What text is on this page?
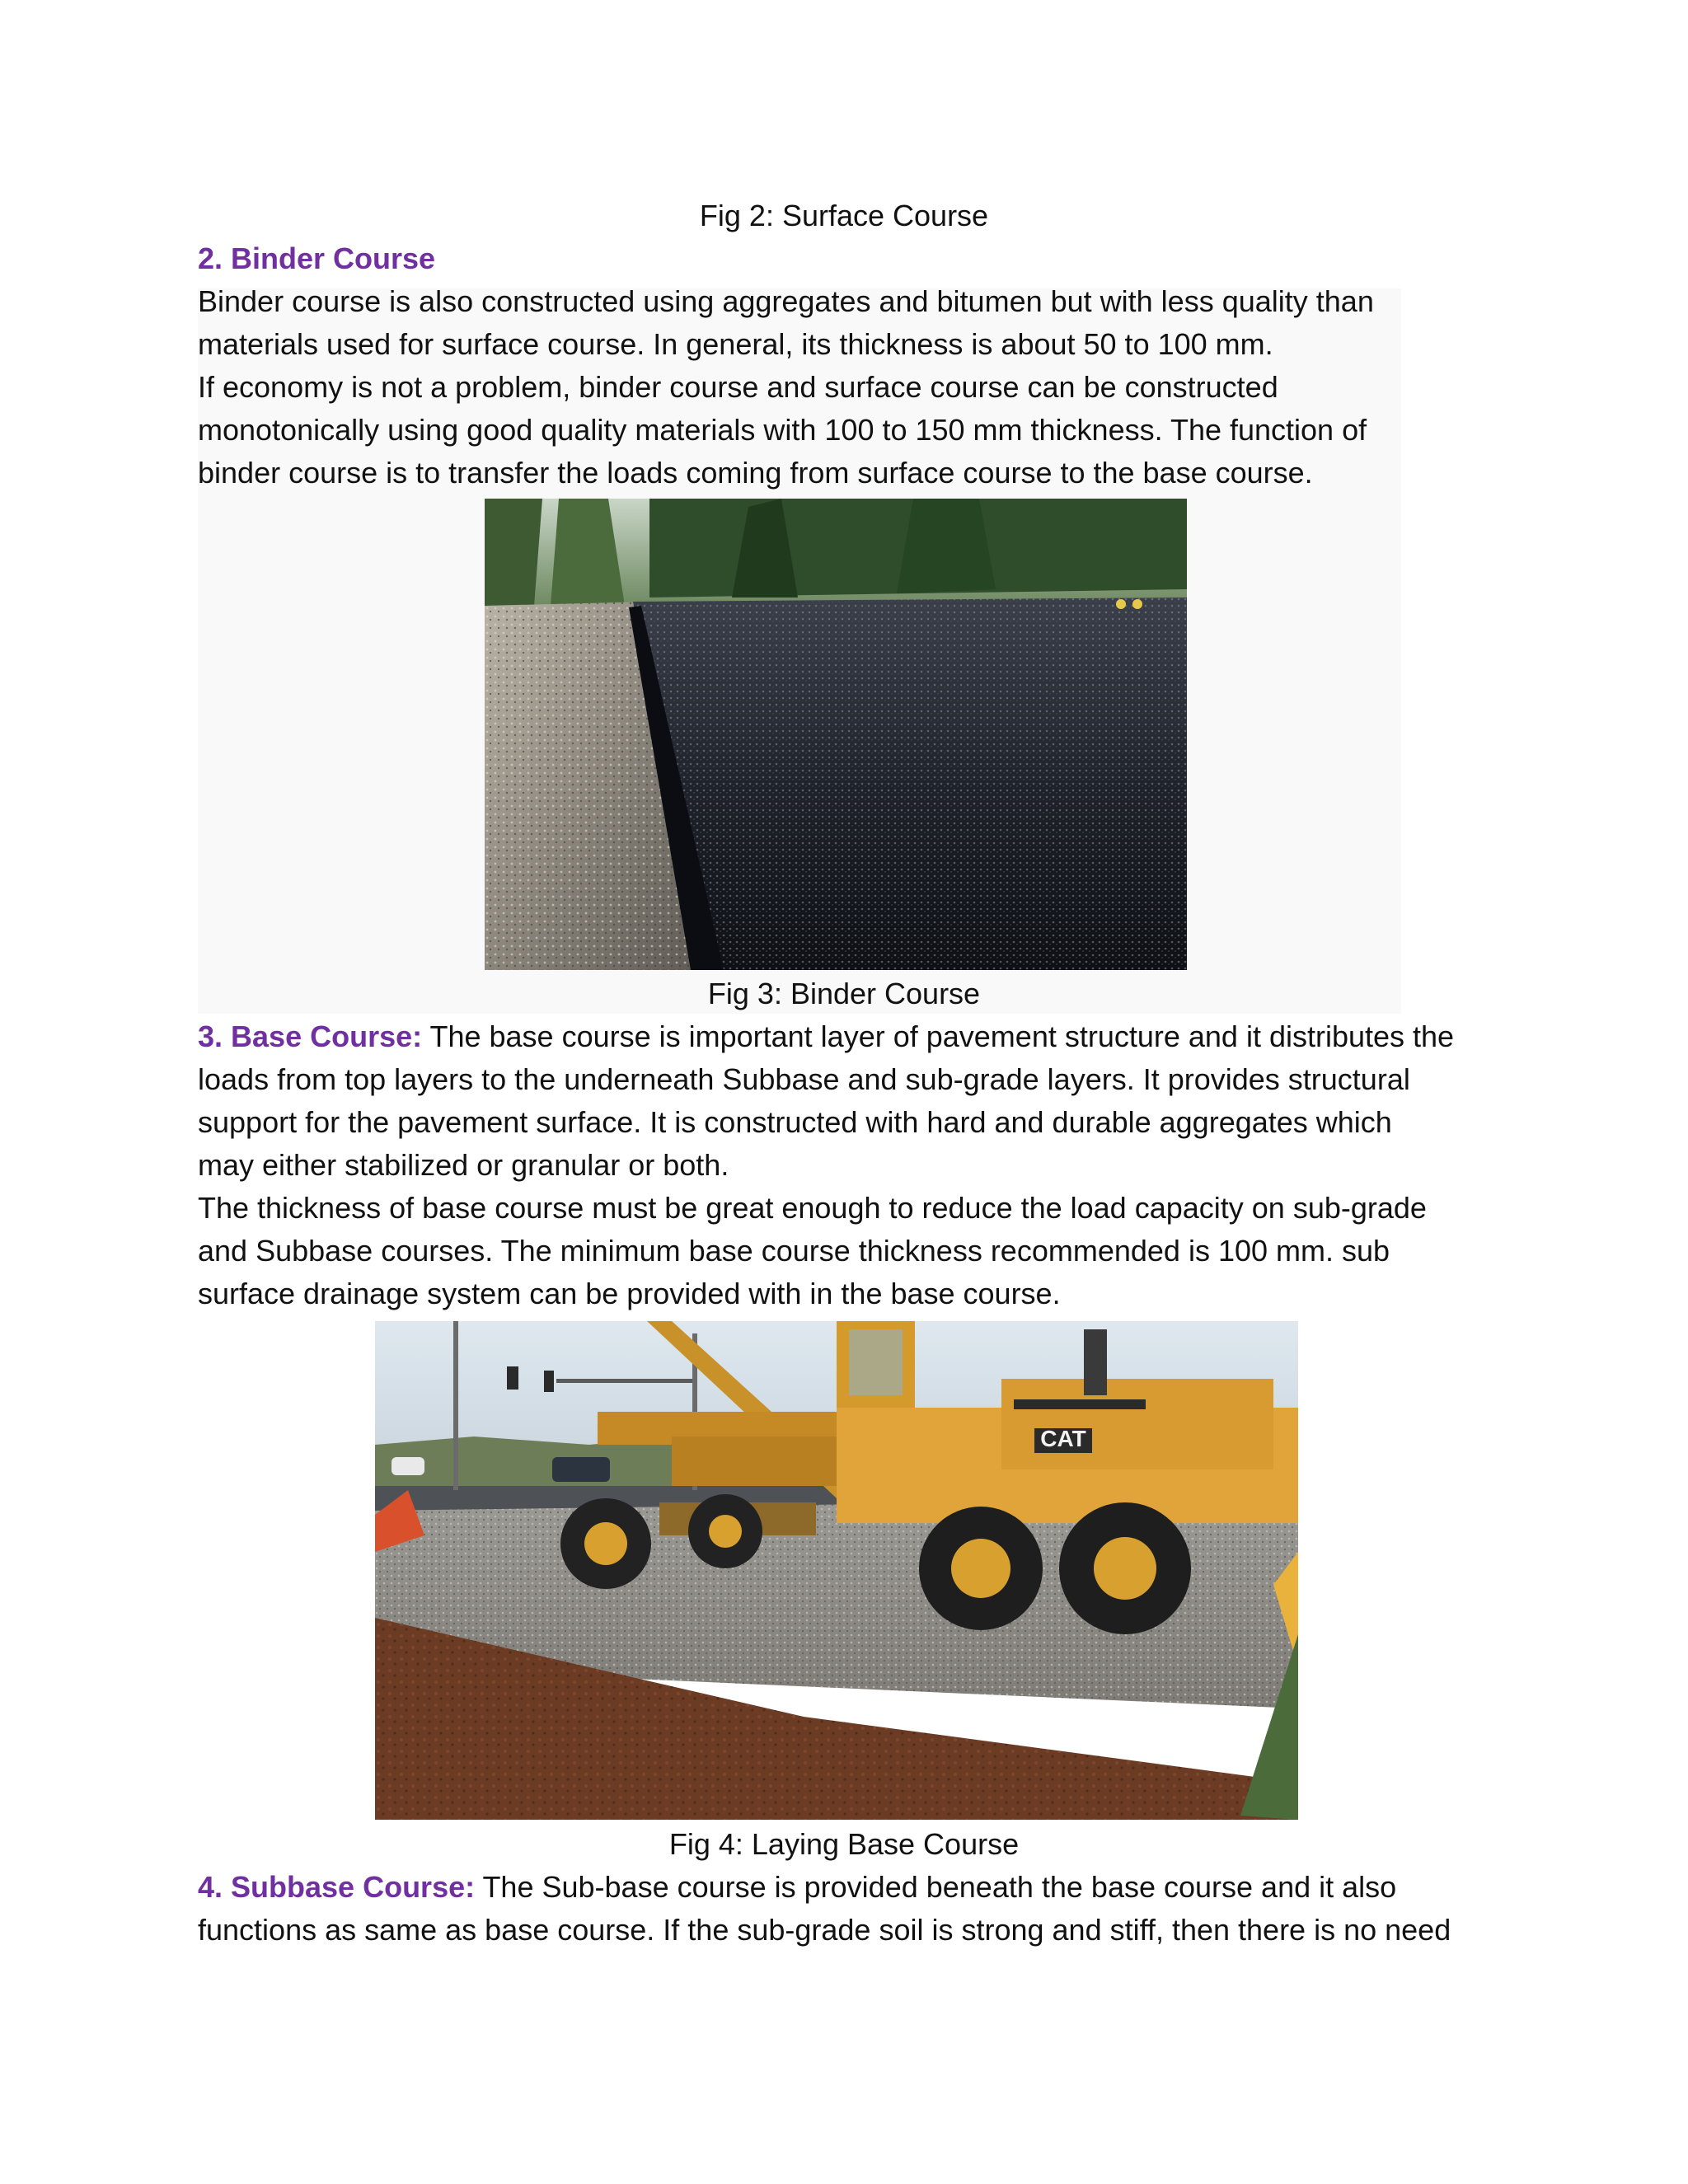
Fig 2: Surface Course
2. Binder Course
Binder course is also constructed using aggregates and bitumen but with less quality than
materials used for surface course. In general, its thickness is about 50 to 100 mm.
If economy is not a problem, binder course and surface course can be constructed
monotonically using good quality materials with 100 to 150 mm thickness. The function of
binder course is to transfer the loads coming from surface course to the base course.
Fig 3: Binder Course
3. Base Course: The base course is important layer of pavement structure and it distributes the
loads from top layers to the underneath Subbase and sub-grade layers. It provides structural
support for the pavement surface. It is constructed with hard and durable aggregates which
may either stabilized or granular or both.
The thickness of base course must be great enough to reduce the load capacity on sub-grade
and Subbase courses. The minimum base course thickness recommended is 100 mm. sub
surface drainage system can be provided with in the base course.
CAT
Fig 4: Laying Base Course
4. Subbase Course: The Sub-base course is provided beneath the base course and it also
functions as same as base course. If the sub-grade soil is strong and stiff, then there is no need
